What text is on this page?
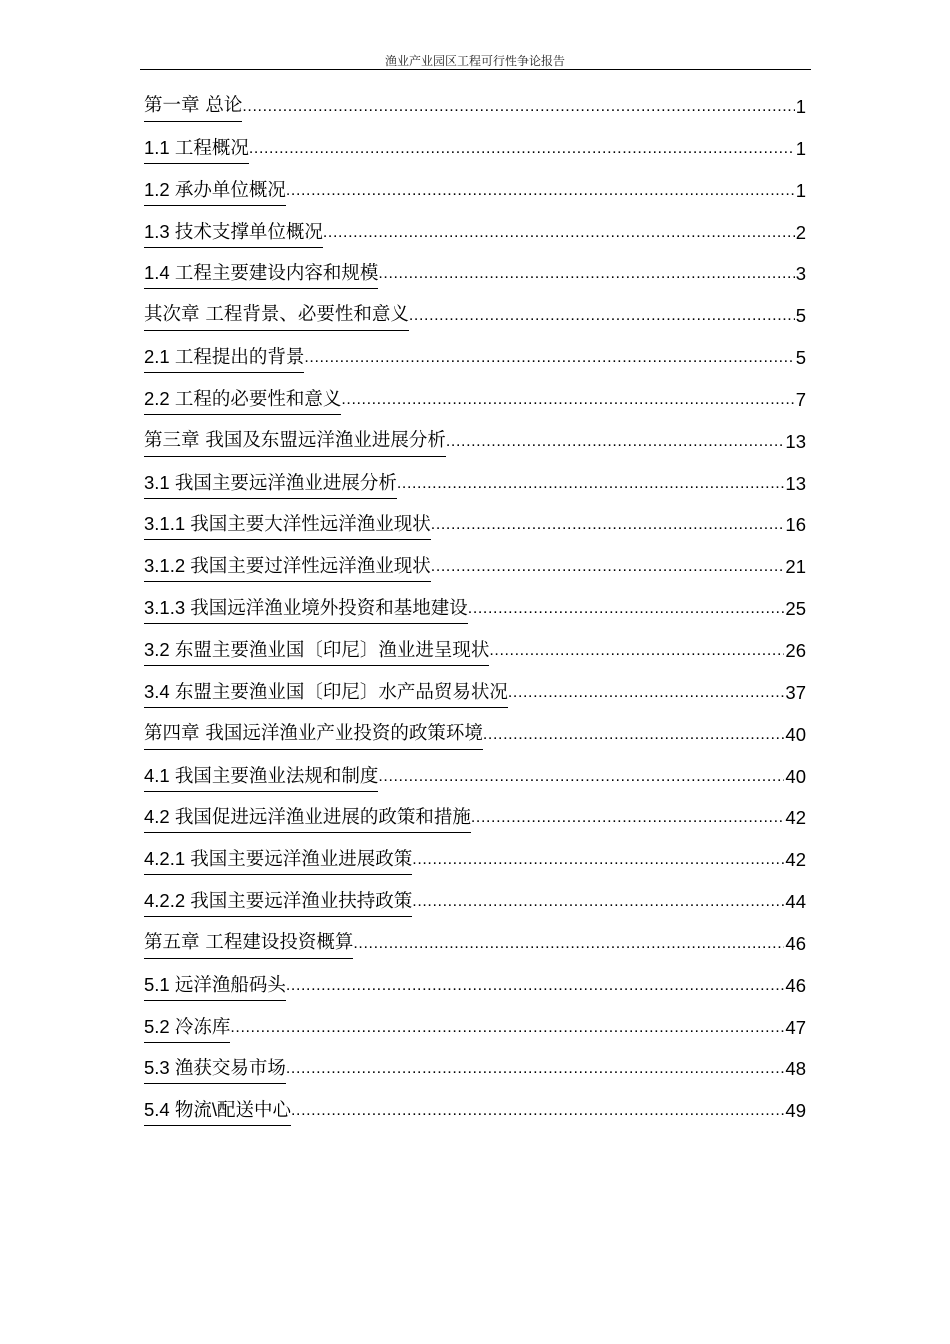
渔业产业园区工程可行性争论报告
第一章 总论 .....	1
1.1 工程概况 .....	1
1.2 承办单位概况 .....	1
1.3 技术支撑单位概况 .....	2
1.4 工程主要建设内容和规模 .....	3
其次章 工程背景、必要性和意义 .....	5
2.1 工程提出的背景 .....	5
2.2 工程的必要性和意义 .....	7
第三章 我国及东盟远洋渔业进展分析 .....	13
3.1 我国主要远洋渔业进展分析 .....	13
3.1.1 我国主要大洋性远洋渔业现状 .....	16
3.1.2 我国主要过洋性远洋渔业现状 .....	21
3.1.3 我国远洋渔业境外投资和基地建设 .....	25
3.2 东盟主要渔业国〔印尼〕渔业进呈现状 .....	26
3.4 东盟主要渔业国〔印尼〕水产品贸易状况 .....	37
第四章 我国远洋渔业产业投资的政策环境 .....	40
4.1 我国主要渔业法规和制度 .....	40
4.2 我国促进远洋渔业进展的政策和措施 .....	42
4.2.1 我国主要远洋渔业进展政策 .....	42
4.2.2 我国主要远洋渔业扶持政策 .....	44
第五章 工程建设投资概算 .....	46
5.1 远洋渔船码头 .....	46
5.2 冷冻库 .....	47
5.3 渔获交易市场 .....	48
5.4 物流\配送中心 .....	49
